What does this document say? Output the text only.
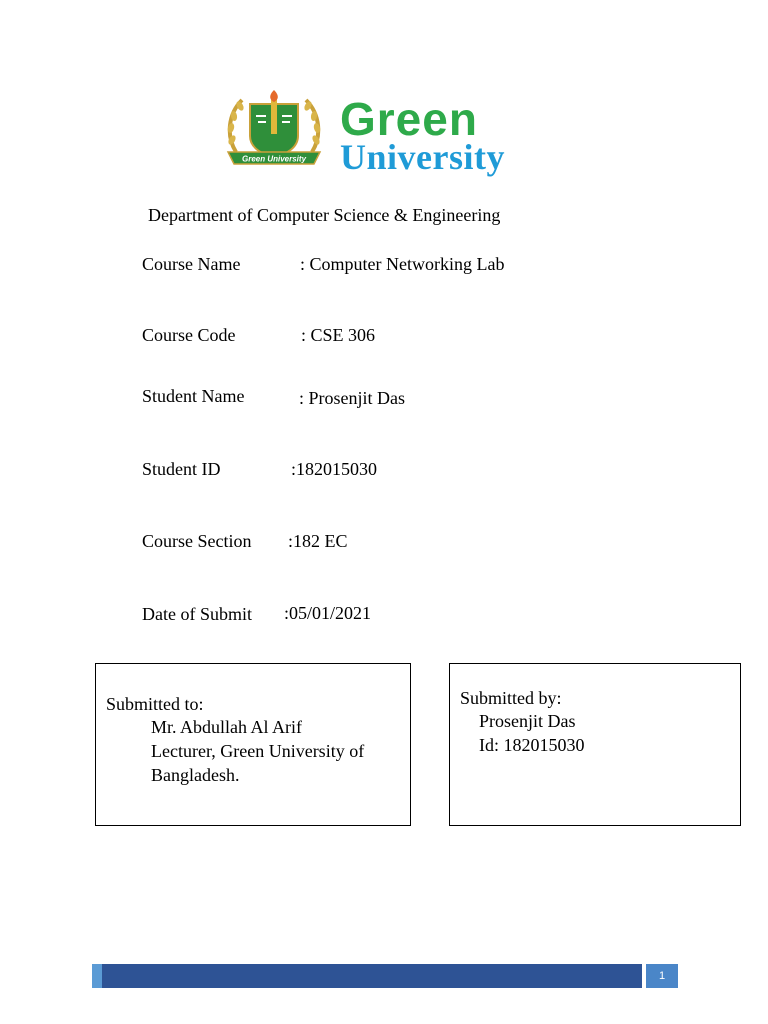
Green University
Green
University
Department of Computer Science & Engineering
Course Name	: Computer Networking Lab
Course Code	: CSE 306
Student Name	: Prosenjit Das
Student ID	:182015030
Course Section :182 EC
Date of Submit :05/01/2021
Submitted to:
Mr. Abdullah Al Arif
Lecturer, Green University of
Bangladesh.
Submitted by:
Prosenjit Das
Id: 182015030
1
